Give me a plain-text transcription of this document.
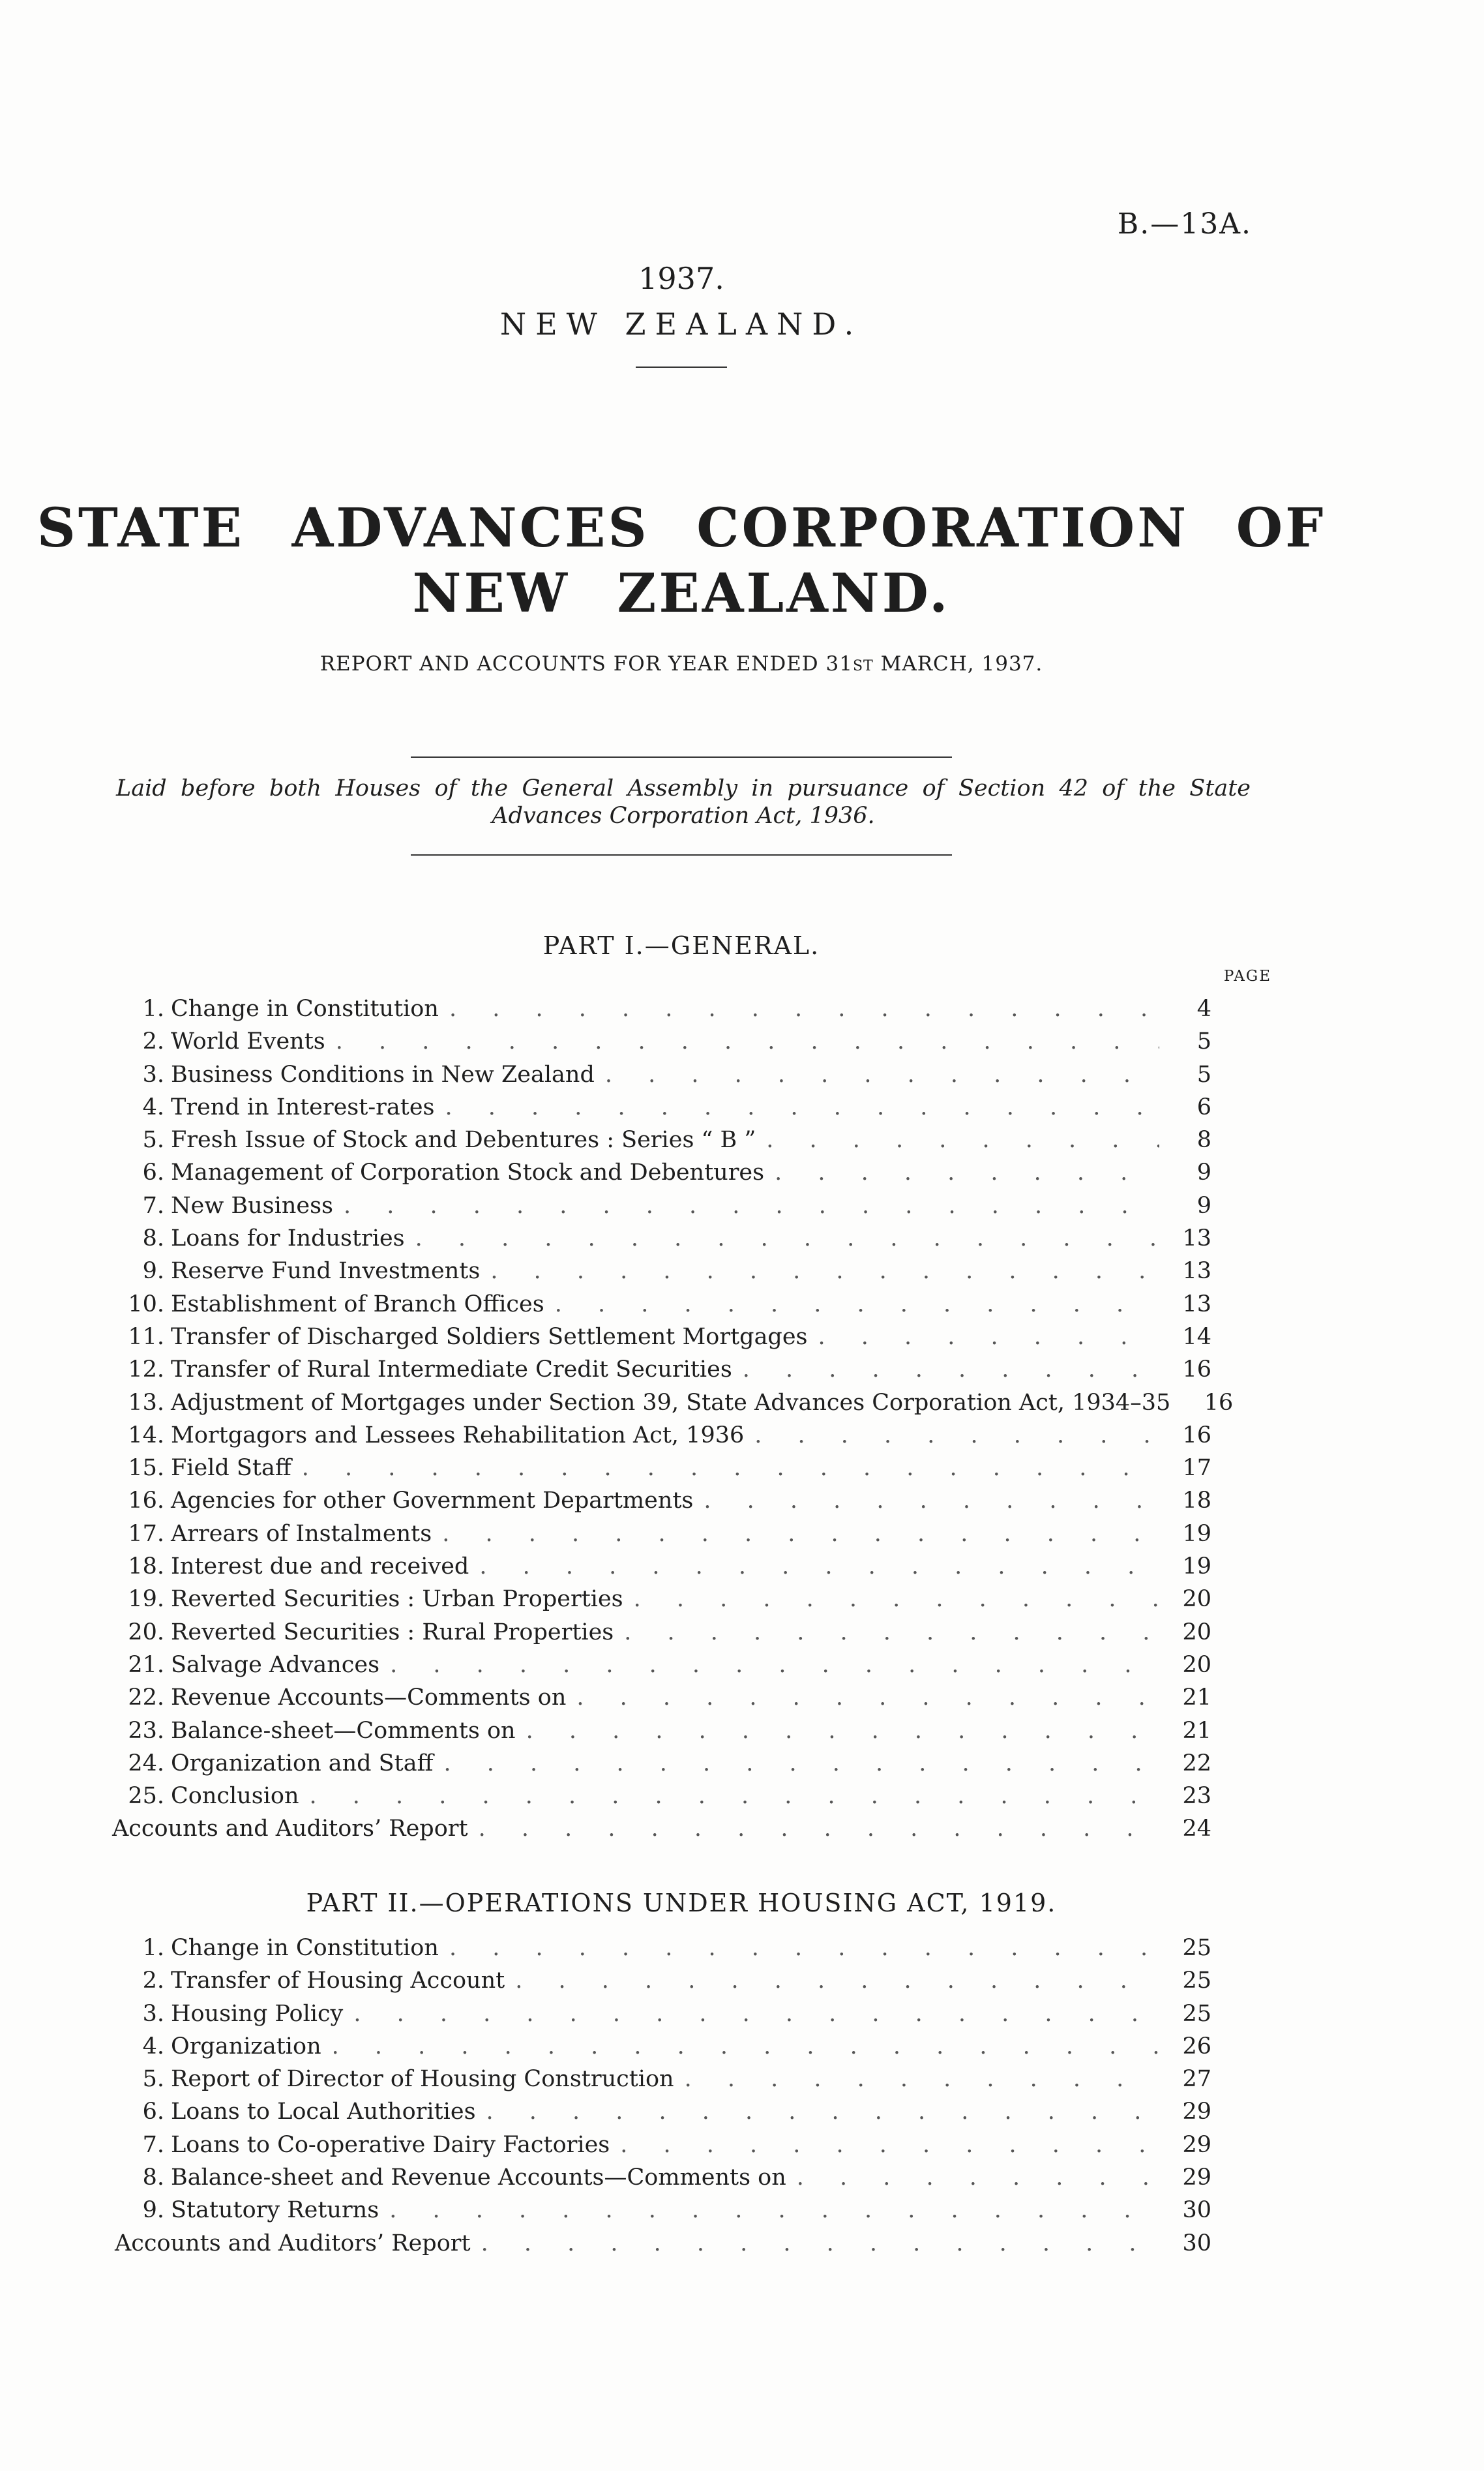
B.—13A.
1937.
NEW ZEALAND.
STATE ADVANCES CORPORATION OF
NEW ZEALAND.
REPORT AND ACCOUNTS FOR YEAR ENDED 31ST MARCH, 1937.
Laid before both Houses of the General Assembly in pursuance of Section 42 of the State Advances Corporation Act, 1936.
PART I.—GENERAL.
PAGE
1. Change in Constitution . . .	4
2. World Events . . .	5
3. Business Conditions in New Zealand . . .	5
4. Trend in Interest-rates . . .	6
5. Fresh Issue of Stock and Debentures : Series “ B ” . . .	8
6. Management of Corporation Stock and Debentures . . .	9
7. New Business . . .	9
8. Loans for Industries . . .	13
9. Reserve Fund Investments . . .	13
10. Establishment of Branch Offices . . .	13
11. Transfer of Discharged Soldiers Settlement Mortgages . . .	14
12. Transfer of Rural Intermediate Credit Securities . . .	16
13. Adjustment of Mortgages under Section 39, State Advances Corporation Act, 1934–35 . . .	16
14. Mortgagors and Lessees Rehabilitation Act, 1936 . . .	16
15. Field Staff . . .	17
16. Agencies for other Government Departments . . .	18
17. Arrears of Instalments . . .	19
18. Interest due and received . . .	19
19. Reverted Securities : Urban Properties . . .	20
20. Reverted Securities : Rural Properties . . .	20
21. Salvage Advances . . .	20
22. Revenue Accounts—Comments on . . .	21
23. Balance-sheet—Comments on . . .	21
24. Organization and Staff . . .	22
25. Conclusion . . .	23
Accounts and Auditors’ Report . . .	24
PART II.—OPERATIONS UNDER HOUSING ACT, 1919.
1. Change in Constitution . . .	25
2. Transfer of Housing Account . . .	25
3. Housing Policy . . .	25
4. Organization . . .	26
5. Report of Director of Housing Construction . . .	27
6. Loans to Local Authorities . . .	29
7. Loans to Co-operative Dairy Factories . . .	29
8. Balance-sheet and Revenue Accounts—Comments on . . .	29
9. Statutory Returns . . .	30
Accounts and Auditors’ Report . . .	30
